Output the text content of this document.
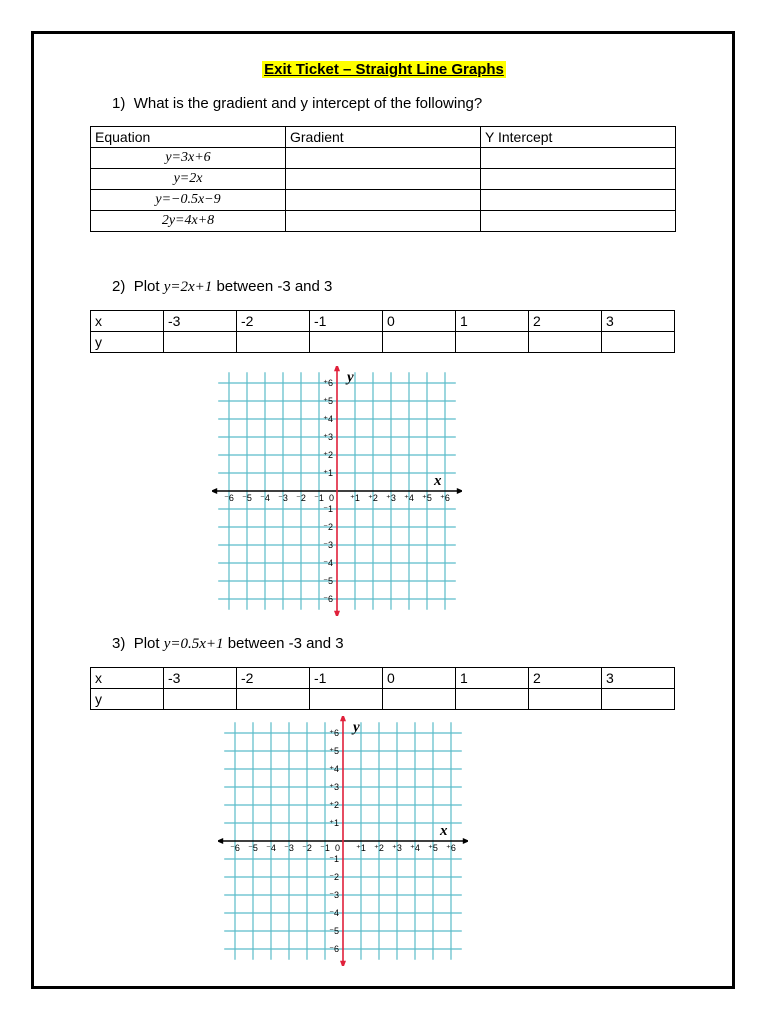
Exit Ticket – Straight Line Graphs
1) What is the gradient and y intercept of the following?
Equation	Gradient	Y Intercept
y=3x+6		
y=2x		
y=−0.5x−9		
2y=4x+8		
2) Plot y=2x+1 between -3 and 3
x	-3	-2	-1	0	1	2	3
y							
⁺1
⁻1
⁺1
⁻1
⁺2
⁻2
⁺2
⁻2
⁺3
⁻3
⁺3
⁻3
⁺4
⁻4
⁺4
⁻4
⁺5
⁻5
⁺5
⁻5
⁺6
⁻6
⁺6
⁻6
0
x
y
3) Plot y=0.5x+1 between -3 and 3
x	-3	-2	-1	0	1	2	3
y							
⁺1
⁻1
⁺1
⁻1
⁺2
⁻2
⁺2
⁻2
⁺3
⁻3
⁺3
⁻3
⁺4
⁻4
⁺4
⁻4
⁺5
⁻5
⁺5
⁻5
⁺6
⁻6
⁺6
⁻6
0
x
y
